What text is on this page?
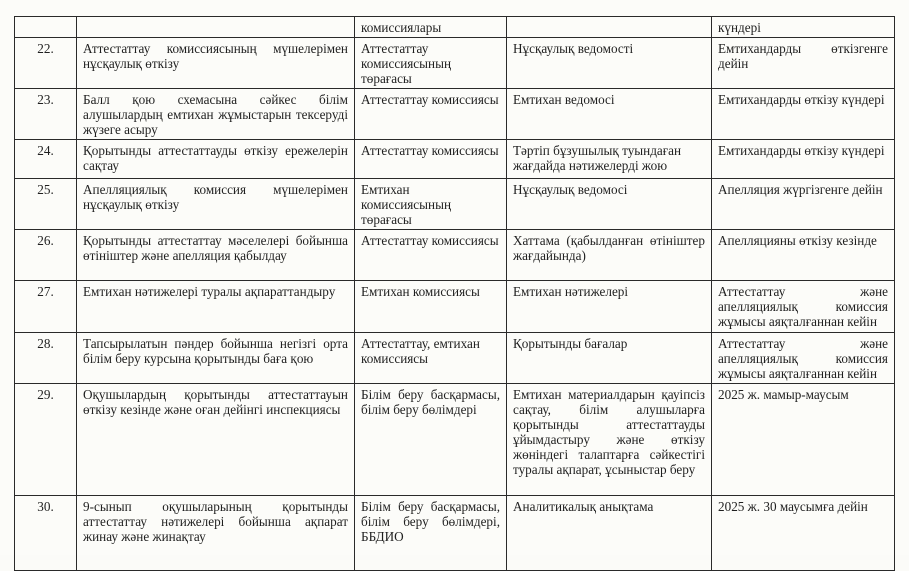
		комиссиялары		күндері
22.	Аттестаттау комиссиясының мүшелерімен нұсқаулық өткізу	Аттестаттау комиссиясының төрағасы	Нұсқаулық ведомості	Емтихандарды өткізгенге дейін
23.	Балл қою схемасына сәйкес білім алушылардың емтихан жұмыстарын тексеруді жүзеге асыру	Аттестаттау комиссиясы	Емтихан ведомосі	Емтихандарды өткізу күндері
24.	Қорытынды аттестаттауды өткізу ережелерін сақтау	Аттестаттау комиссиясы	Тәртіп бұзушылық туындаған жағдайда нәтижелерді жою	Емтихандарды өткізу күндері
25.	Апелляциялық комиссия мүшелерімен нұсқаулық өткізу	Емтихан комиссиясының төрағасы	Нұсқаулық ведомосі	Апелляция жүргізгенге дейін
26.	Қорытынды аттестаттау мәселелері бойынша өтініштер және апелляция қабылдау	Аттестаттау комиссиясы	Хаттама (қабылданған өтініштер жағдайында)	Апелляцияны өткізу кезінде
27.	Емтихан нәтижелері туралы ақпараттандыру	Емтихан комиссиясы	Емтихан нәтижелері	Аттестаттау және апелляциялық комиссия жұмысы аяқталғаннан кейін
28.	Тапсырылатын пәндер бойынша негізгі орта білім беру курсына қорытынды баға қою	Аттестаттау, емтихан комиссиясы	Қорытынды бағалар	Аттестаттау және апелляциялық комиссия жұмысы аяқталғаннан кейін
29.	Оқушылардың қорытынды аттестаттауын өткізу кезінде және оған дейінгі инспекциясы	Білім беру басқармасы, білім беру бөлімдері	Емтихан материалдарын қауіпсіз сақтау, білім алушыларға қорытынды аттестаттауды ұйымдастыру және өткізу жөніндегі талаптарға сәйкестігі туралы ақпарат, ұсыныстар беру	2025 ж. мамыр-маусым
30.	9-сынып оқушыларының қорытынды аттестаттау нәтижелері бойынша ақпарат жинау және жинақтау	Білім беру басқармасы, білім беру бөлімдері, ББДИО	Аналитикалық анықтама	2025 ж. 30 маусымға дейін
